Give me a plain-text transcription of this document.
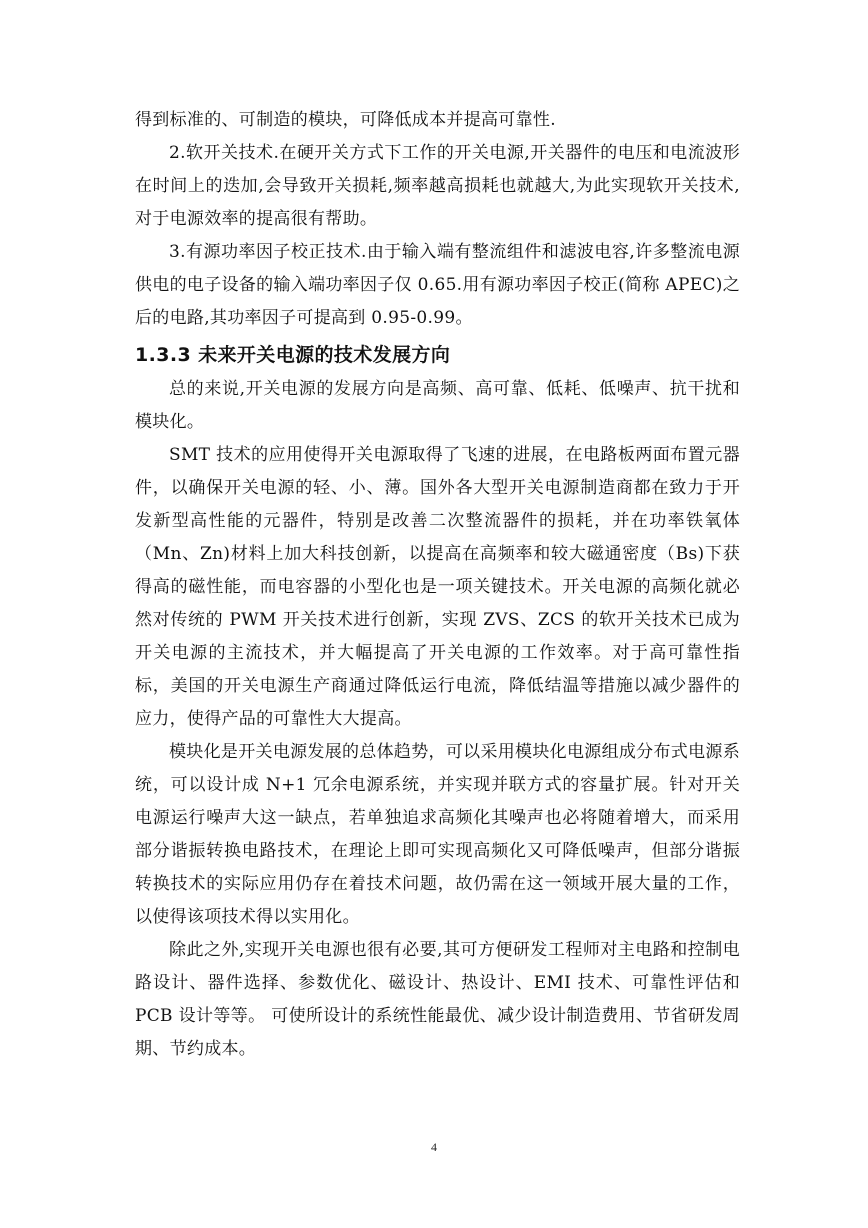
得到标准的、可制造的模块，可降低成本并提高可靠性.

2.软开关技术.在硬开关方式下工作的开关电源,开关器件的电压和电流波形在时间上的迭加,会导致开关损耗,频率越高损耗也就越大,为此实现软开关技术,对于电源效率的提高很有帮助。

3.有源功率因子校正技术.由于输入端有整流组件和滤波电容,许多整流电源供电的电子设备的输入端功率因子仅 0.65.用有源功率因子校正(简称 APEC)之后的电路,其功率因子可提高到 0.95-0.99。

1.3.3 未来开关电源的技术发展方向

总的来说,开关电源的发展方向是高频、高可靠、低耗、低噪声、抗干扰和模块化。

SMT 技术的应用使得开关电源取得了飞速的进展，在电路板两面布置元器件，以确保开关电源的轻、小、薄。国外各大型开关电源制造商都在致力于开发新型高性能的元器件，特别是改善二次整流器件的损耗，并在功率铁氧体（Mn、Zn)材料上加大科技创新，以提高在高频率和较大磁通密度（Bs)下获得高的磁性能，而电容器的小型化也是一项关键技术。开关电源的高频化就必然对传统的 PWM 开关技术进行创新，实现 ZVS、ZCS 的软开关技术已成为开关电源的主流技术，并大幅提高了开关电源的工作效率。对于高可靠性指标，美国的开关电源生产商通过降低运行电流，降低结温等措施以减少器件的应力，使得产品的可靠性大大提高。

模块化是开关电源发展的总体趋势，可以采用模块化电源组成分布式电源系统，可以设计成 N+1 冗余电源系统，并实现并联方式的容量扩展。针对开关电源运行噪声大这一缺点，若单独追求高频化其噪声也必将随着增大，而采用部分谐振转换电路技术，在理论上即可实现高频化又可降低噪声，但部分谐振转换技术的实际应用仍存在着技术问题，故仍需在这一领域开展大量的工作，以使得该项技术得以实用化。

除此之外,实现开关电源也很有必要,其可方便研发工程师对主电路和控制电路设计、器件选择、参数优化、磁设计、热设计、EMI 技术、可靠性评估和 PCB 设计等等。 可使所设计的系统性能最优、减少设计制造费用、节省研发周期、节约成本。

4
